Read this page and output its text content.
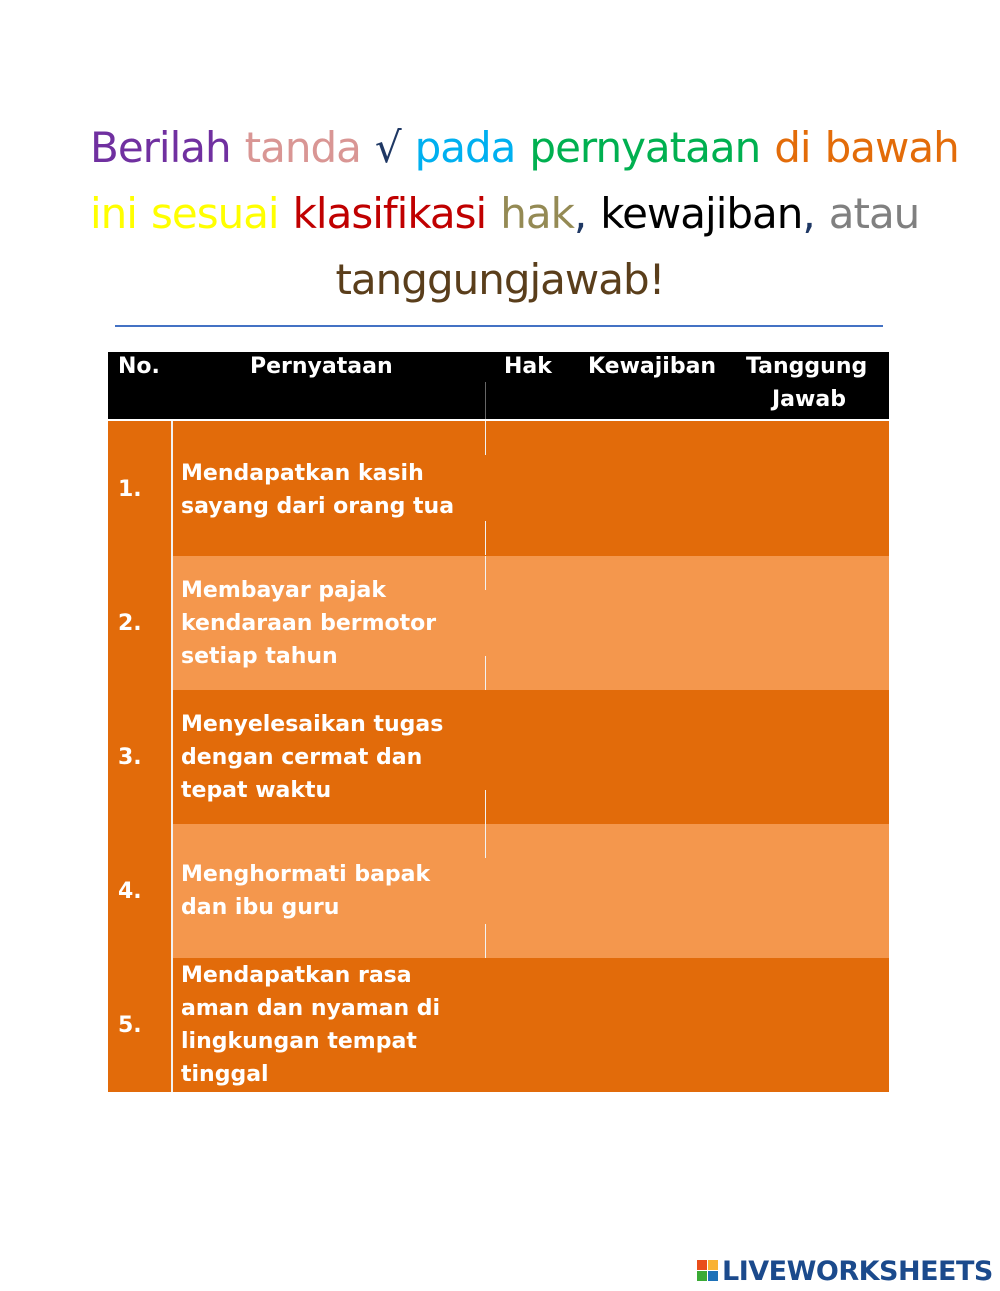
Berilah tanda √ pada pernyataan di bawah
ini sesuai klasifikasi hak, kewajiban, atau
tanggungjawab!
No.	Pernyataan	Hak Kewajiban Tanggung
Jawab
Mendapatkan kasih
sayang dari orang tua
Membayar pajak
kendaraan bermotor
setiap tahun
Menyelesaikan tugas
dengan cermat dan
tepat waktu
Menghormati bapak
dan ibu guru
Mendapatkan rasa
aman dan nyaman di
lingkungan tempat
tinggal
1.
2.
3.
4.
5.
LIVEWORKSHEETS
